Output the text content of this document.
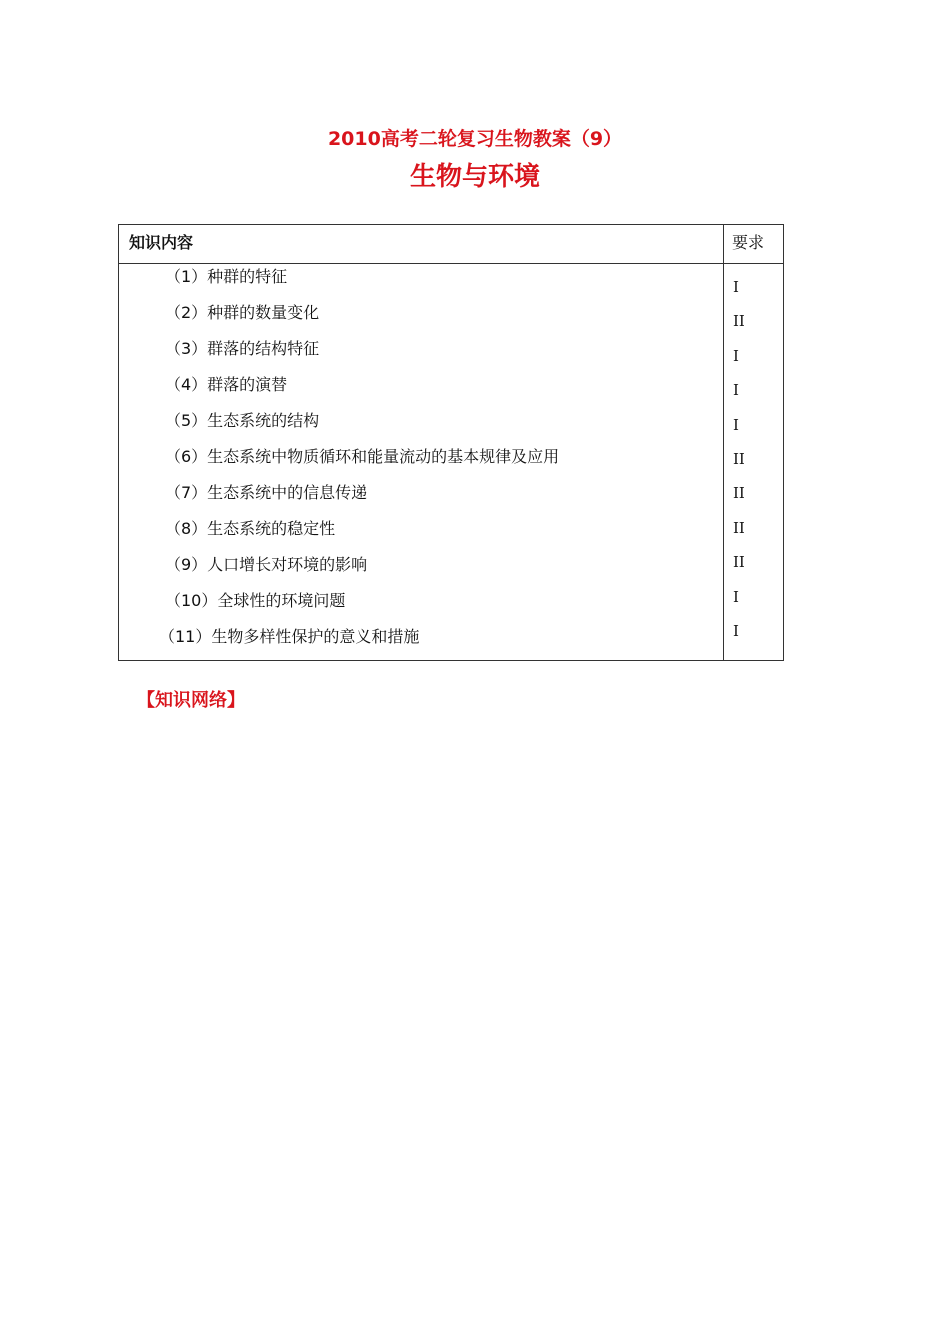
2010高考二轮复习生物教案（9）
生物与环境
知识内容	要求
（1）种群的特征
（2）种群的数量变化
（3）群落的结构特征
（4）群落的演替
（5）生态系统的结构
（6）生态系统中物质循环和能量流动的基本规律及应用
（7）生态系统中的信息传递
（8）生态系统的稳定性
（9）人口增长对环境的影响
（10）全球性的环境问题
（11）生物多样性保护的意义和措施
I
II
I
I
I
II
II
II
II
I
I
【知识网络】
